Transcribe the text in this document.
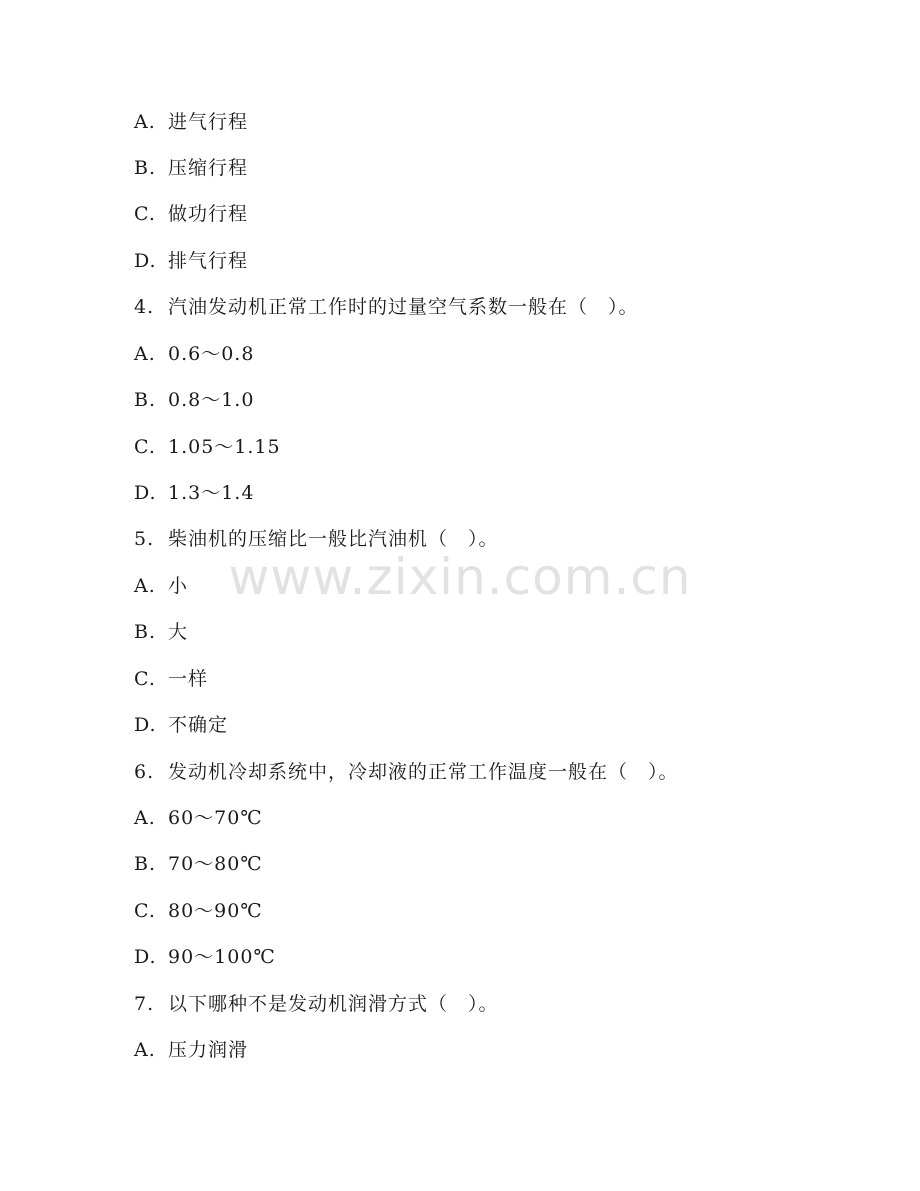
A. 进气行程
B. 压缩行程
C. 做功行程
D. 排气行程
4. 汽油发动机正常工作时的过量空气系数一般在（　）。
A. 0.6～0.8
B. 0.8～1.0
C. 1.05～1.15
D. 1.3～1.4
5. 柴油机的压缩比一般比汽油机（　）。
A. 小
B. 大
C. 一样
D. 不确定
6. 发动机冷却系统中，冷却液的正常工作温度一般在（　）。
A. 60～70℃
B. 70～80℃
C. 80～90℃
D. 90～100℃
7. 以下哪种不是发动机润滑方式（　）。
A. 压力润滑
www.zixin.com.cn
